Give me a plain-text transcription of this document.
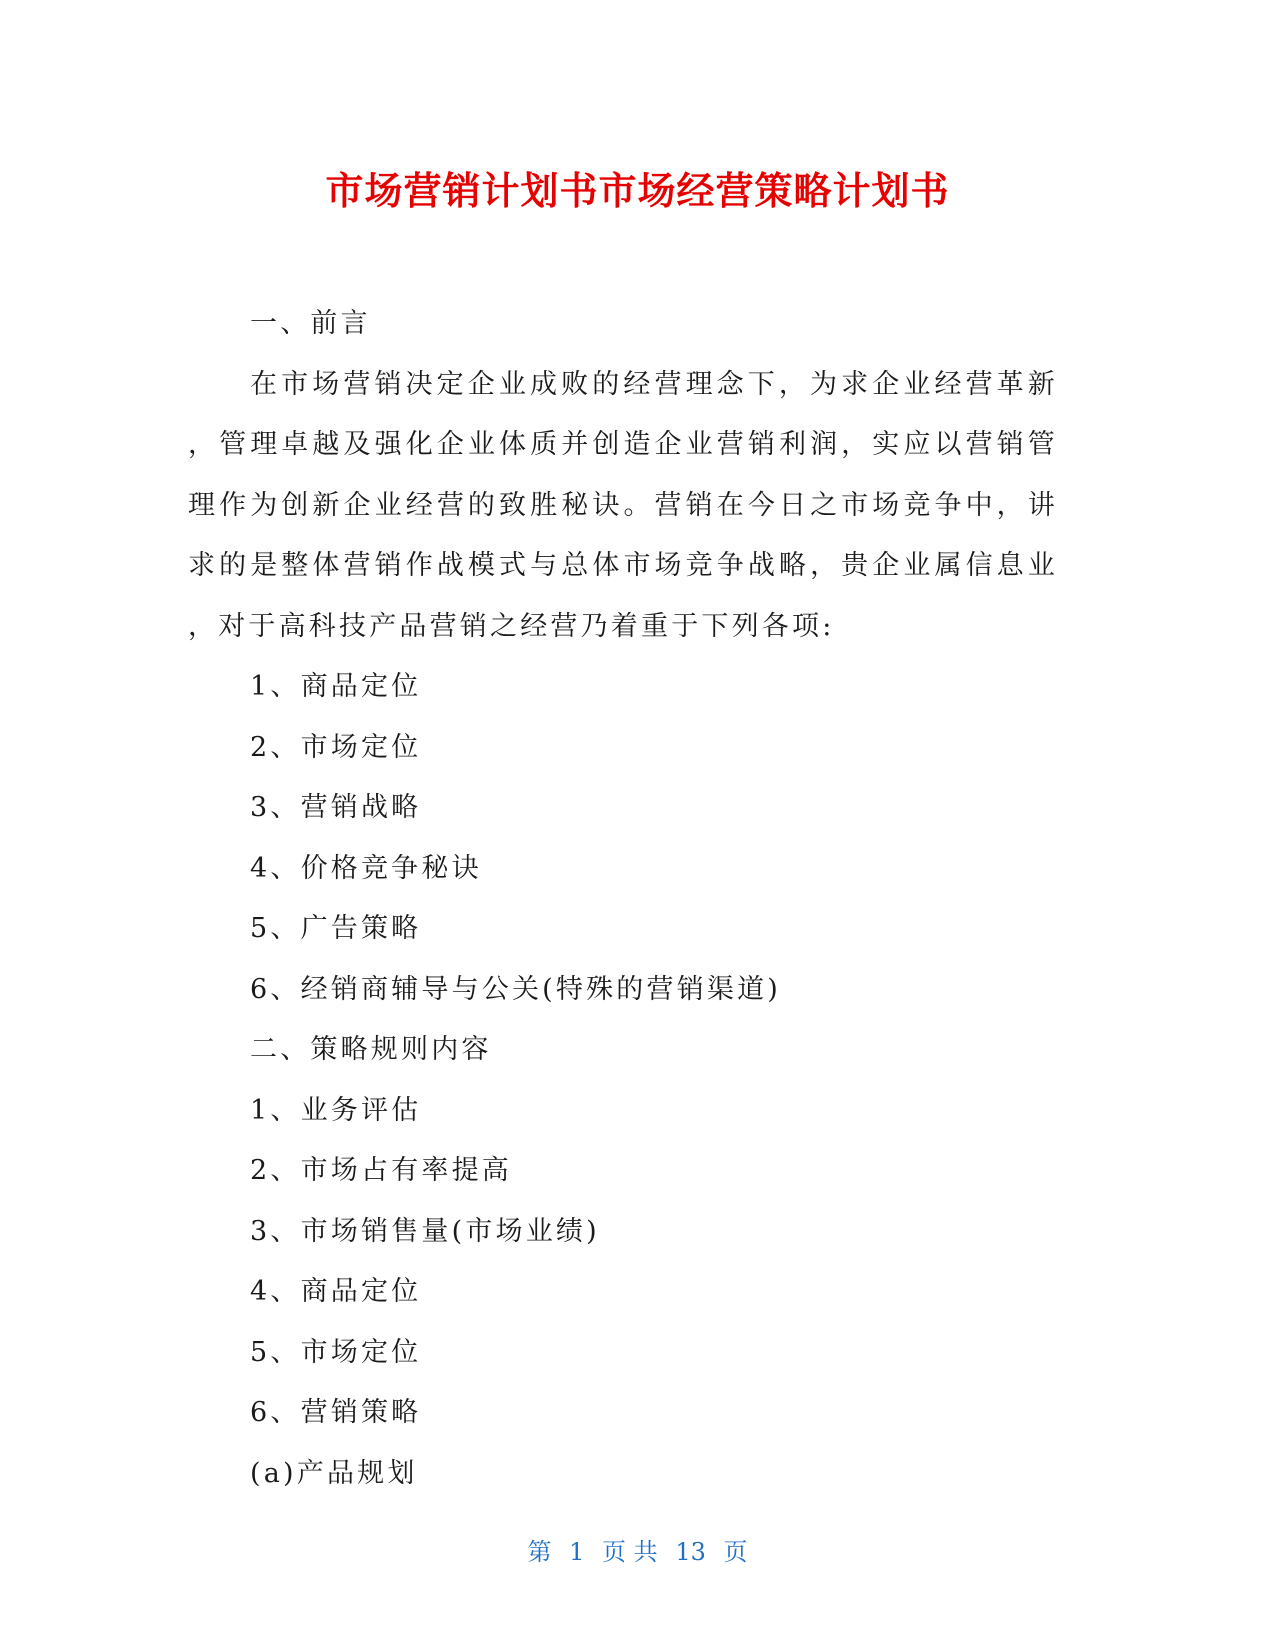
市场营销计划书市场经营策略计划书

一、前言

在市场营销决定企业成败的经营理念下，为求企业经营革新

，管理卓越及强化企业体质并创造企业营销利润，实应以营销管

理作为创新企业经营的致胜秘诀。营销在今日之市场竞争中，讲

求的是整体营销作战模式与总体市场竞争战略，贵企业属信息业

，对于高科技产品营销之经营乃着重于下列各项:

1、商品定位

2、市场定位

3、营销战略

4、价格竞争秘诀

5、广告策略

6、经销商辅导与公关(特殊的营销渠道)

二、策略规则内容

1、业务评估

2、市场占有率提高

3、市场销售量(市场业绩)

4、商品定位

5、市场定位

6、营销策略

(a)产品规划

第 1 页 共 13 页
